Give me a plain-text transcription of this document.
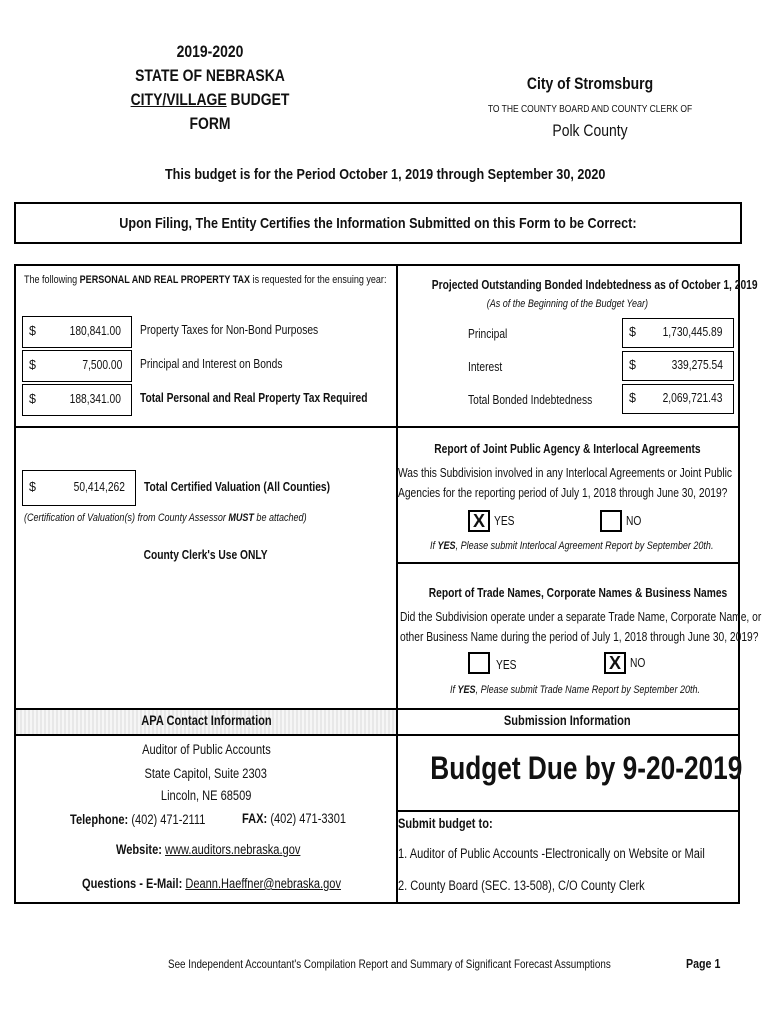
2019-2020
STATE OF NEBRASKA
CITY/VILLAGE BUDGET FORM
City of Stromsburg
TO THE COUNTY BOARD AND COUNTY CLERK OF
Polk County
This budget is for the Period October 1, 2019 through September 30, 2020
Upon Filing, The Entity Certifies the Information Submitted on this Form to be Correct:
The following PERSONAL AND REAL PROPERTY TAX is requested for the ensuing year:
$	180,841.00	Property Taxes for Non-Bond Purposes
$	7,500.00	Principal and Interest on Bonds
$	188,341.00	Total Personal and Real Property Tax Required
Projected Outstanding Bonded Indebtedness as of October 1, 2019
(As of the Beginning of the Budget Year)
Principal	$	1,730,445.89
Interest	$	339,275.54
Total Bonded Indebtedness	$	2,069,721.43
$	50,414,262	Total Certified Valuation (All Counties)
(Certification of Valuation(s) from County Assessor MUST be attached)
County Clerk's Use ONLY
Report of Joint Public Agency & Interlocal Agreements
Was this Subdivision involved in any Interlocal Agreements or Joint Public
Agencies for the reporting period of July 1, 2018 through June 30, 2019?
X YES	NO
If YES, Please submit Interlocal Agreement Report by September 20th.
Report of Trade Names, Corporate Names & Business Names
Did the Subdivision operate under a separate Trade Name, Corporate Name, or
other Business Name during the period of July 1, 2018 through June 30, 2019?
YES	X NO
If YES, Please submit Trade Name Report by September 20th.
APA Contact Information	Submission Information
Auditor of Public Accounts
State Capitol, Suite 2303
Lincoln, NE 68509
Telephone: (402) 471-2111	FAX: (402) 471-3301
Website: www.auditors.nebraska.gov
Questions - E-Mail: Deann.Haeffner@nebraska.gov
Budget Due by 9-20-2019
Submit budget to:
1. Auditor of Public Accounts -Electronically on Website or Mail
2. County Board (SEC. 13-508), C/O County Clerk
See Independent Accountant's Compilation Report and Summary of Significant Forecast Assumptions	Page 1
